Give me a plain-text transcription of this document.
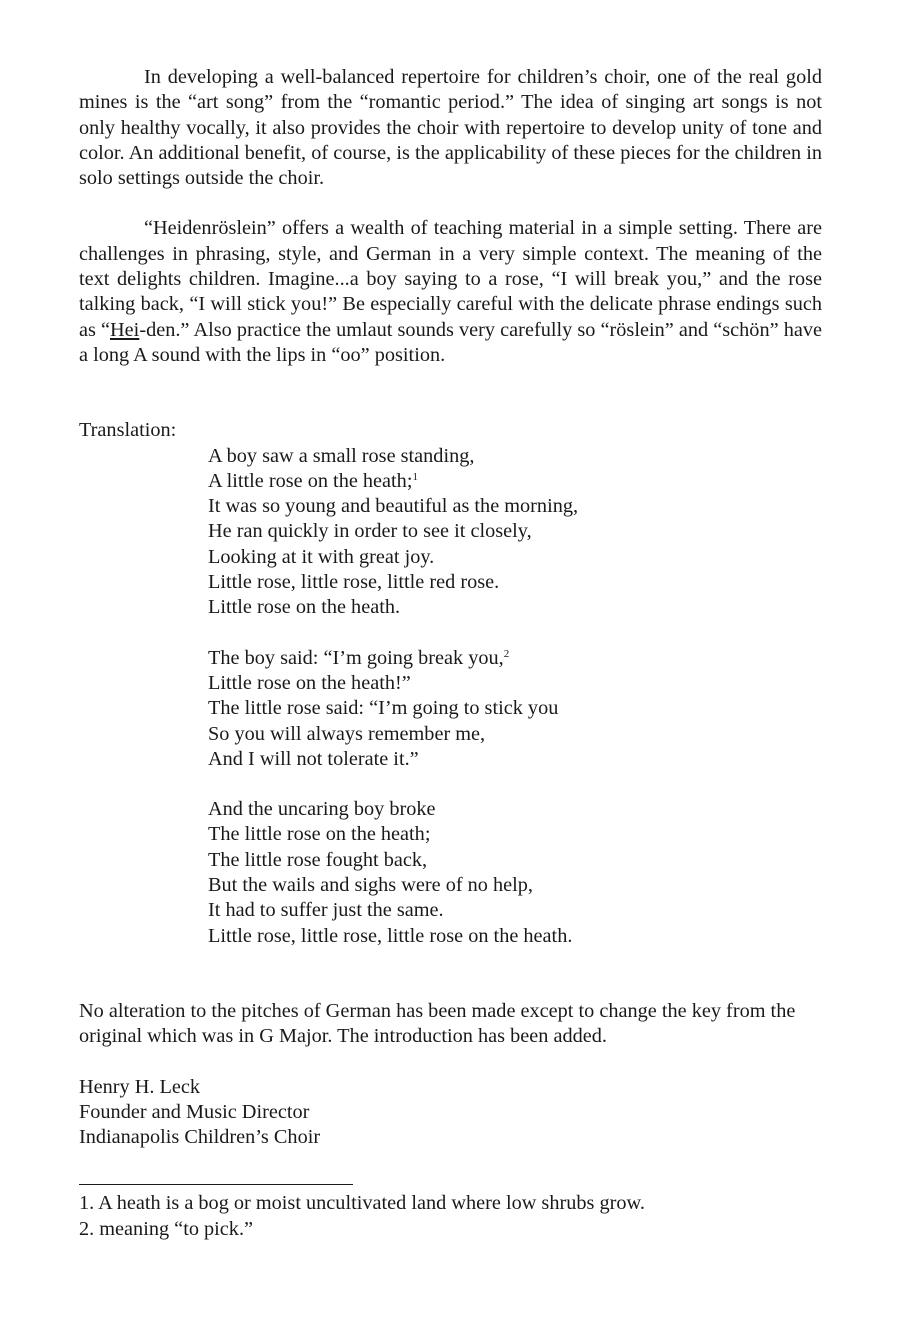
In developing a well-balanced repertoire for children’s choir, one of the real gold mines is the “art song” from the “romantic period.” The idea of singing art songs is not only healthy vocally, it also provides the choir with repertoire to develop unity of tone and color. An additional benefit, of course, is the applicability of these pieces for the children in solo settings outside the choir.

“Heidenröslein” offers a wealth of teaching material in a simple setting. There are challenges in phrasing, style, and German in a very simple context. The meaning of the text delights children. Imagine...a boy saying to a rose, “I will break you,” and the rose talking back, “I will stick you!” Be especially careful with the delicate phrase endings such as “Hei-den.” Also practice the umlaut sounds very carefully so “röslein” and “schön” have a long A sound with the lips in “oo” position.

Translation:

A boy saw a small rose standing,
A little rose on the heath;$^1$
It was so young and beautiful as the morning,
He ran quickly in order to see it closely,
Looking at it with great joy.
Little rose, little rose, little red rose.
Little rose on the heath.
The boy said: “I’m going break you,$^2$
Little rose on the heath!”
The little rose said: “I’m going to stick you
So you will always remember me,
And I will not tolerate it.”
And the uncaring boy broke
The little rose on the heath;
The little rose fought back,
But the wails and sighs were of no help,
It had to suffer just the same.
Little rose, little rose, little rose on the heath.

No alteration to the pitches of German has been made except to change the key from the original which was in G Major. The introduction has been added.

Henry H. Leck
Founder and Music Director
Indianapolis Children’s Choir
1. A heath is a bog or moist uncultivated land where low shrubs grow.
2. meaning “to pick.”
